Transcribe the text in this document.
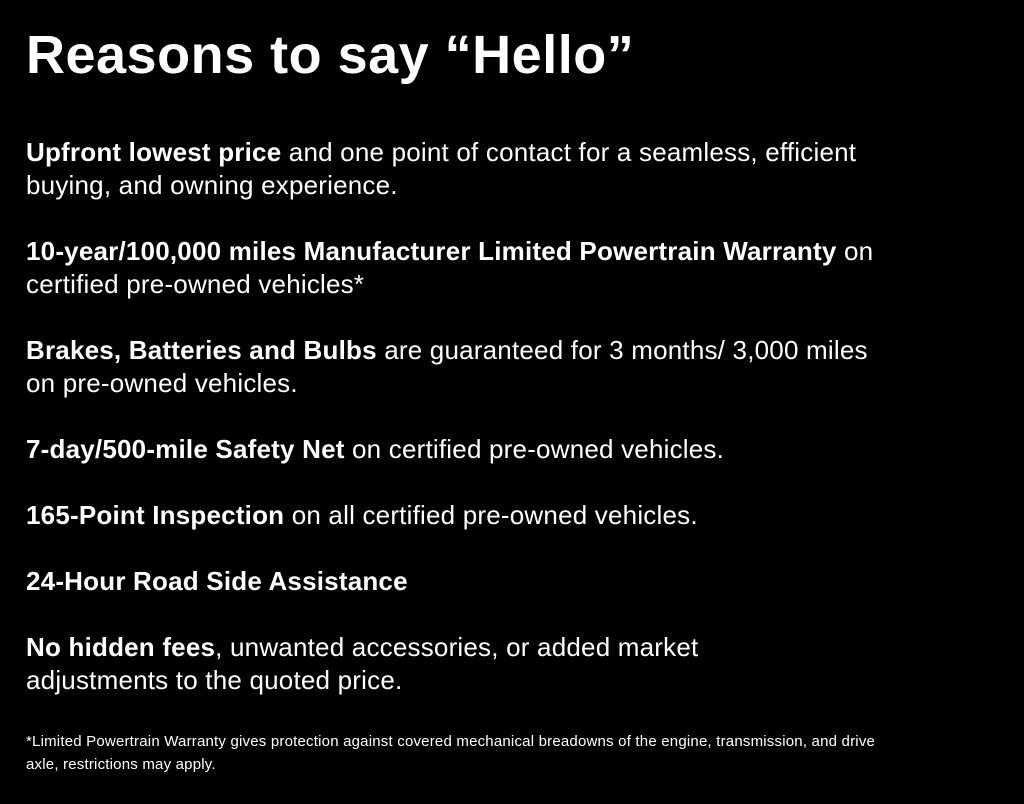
Reasons to say “Hello”

Upfront lowest price and one point of contact for a seamless, efficient
buying, and owning experience.

10-year/100,000 miles Manufacturer Limited Powertrain Warranty on
certified pre-owned vehicles*

Brakes, Batteries and Bulbs are guaranteed for 3 months/ 3,000 miles
on pre-owned vehicles.

7-day/500-mile Safety Net on certified pre-owned vehicles.

165-Point Inspection on all certified pre-owned vehicles.

24-Hour Road Side Assistance

No hidden fees, unwanted accessories, or added market
adjustments to the quoted price.

*Limited Powertrain Warranty gives protection against covered mechanical breadowns of the engine, transmission, and drive
axle, restrictions may apply.
